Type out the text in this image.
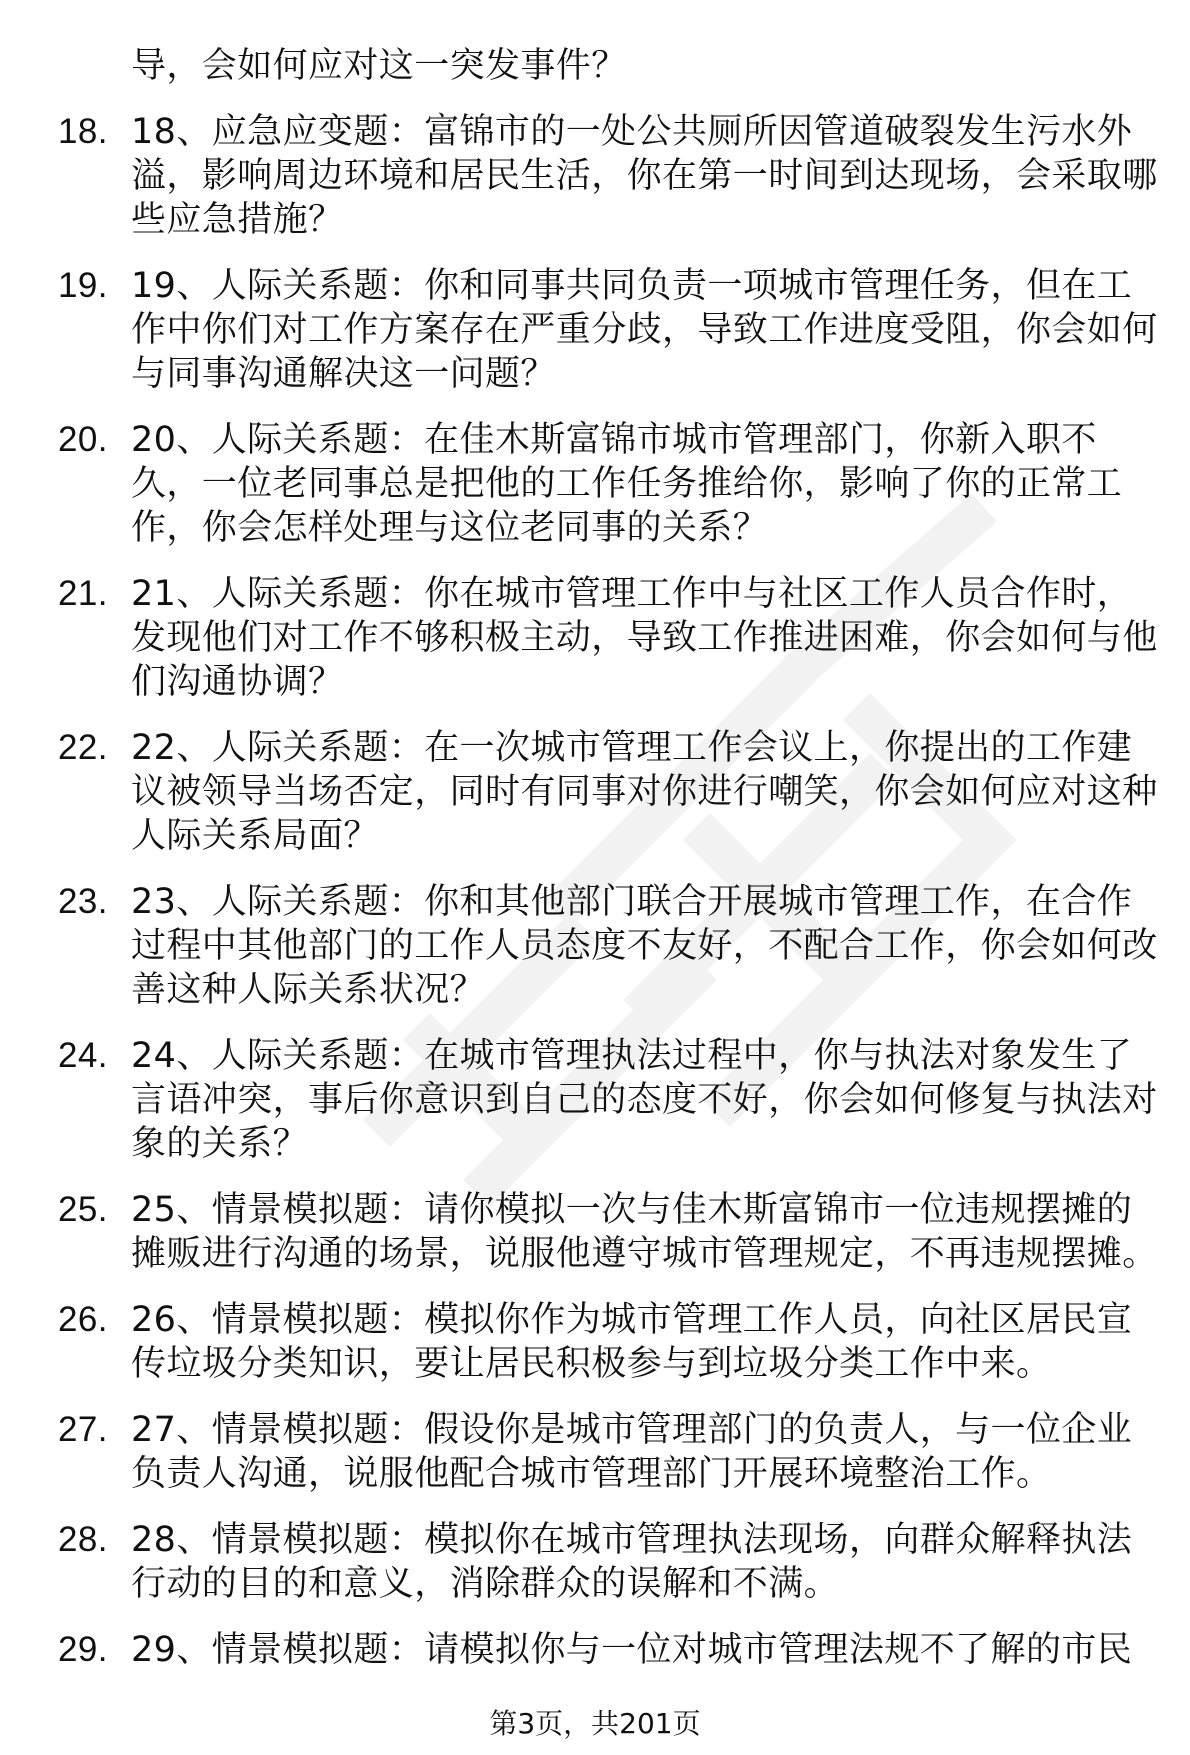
导，会如何应对这一突发事件？
18. 18、应急应变题：富锦市的一处公共厕所因管道破裂发生污水外溢，影响周边环境和居民生活，你在第一时间到达现场，会采取哪些应急措施？
19. 19、人际关系题：你和同事共同负责一项城市管理任务，但在工作中你们对工作方案存在严重分歧，导致工作进度受阻，你会如何与同事沟通解决这一问题？
20. 20、人际关系题：在佳木斯富锦市城市管理部门，你新入职不久，一位老同事总是把他的工作任务推给你，影响了你的正常工作，你会怎样处理与这位老同事的关系？
21. 21、人际关系题：你在城市管理工作中与社区工作人员合作时，发现他们对工作不够积极主动，导致工作推进困难，你会如何与他们沟通协调？
22. 22、人际关系题：在一次城市管理工作会议上，你提出的工作建议被领导当场否定，同时有同事对你进行嘲笑，你会如何应对这种人际关系局面？
23. 23、人际关系题：你和其他部门联合开展城市管理工作，在合作过程中其他部门的工作人员态度不友好，不配合工作，你会如何改善这种人际关系状况？
24. 24、人际关系题：在城市管理执法过程中，你与执法对象发生了言语冲突，事后你意识到自己的态度不好，你会如何修复与执法对象的关系？
25. 25、情景模拟题：请你模拟一次与佳木斯富锦市一位违规摆摊的摊贩进行沟通的场景，说服他遵守城市管理规定，不再违规摆摊。
26. 26、情景模拟题：模拟你作为城市管理工作人员，向社区居民宣传垃圾分类知识，要让居民积极参与到垃圾分类工作中来。
27. 27、情景模拟题：假设你是城市管理部门的负责人，与一位企业负责人沟通，说服他配合城市管理部门开展环境整治工作。
28. 28、情景模拟题：模拟你在城市管理执法现场，向群众解释执法行动的目的和意义，消除群众的误解和不满。
29. 29、情景模拟题：请模拟你与一位对城市管理法规不了解的市民
第3页，共201页
